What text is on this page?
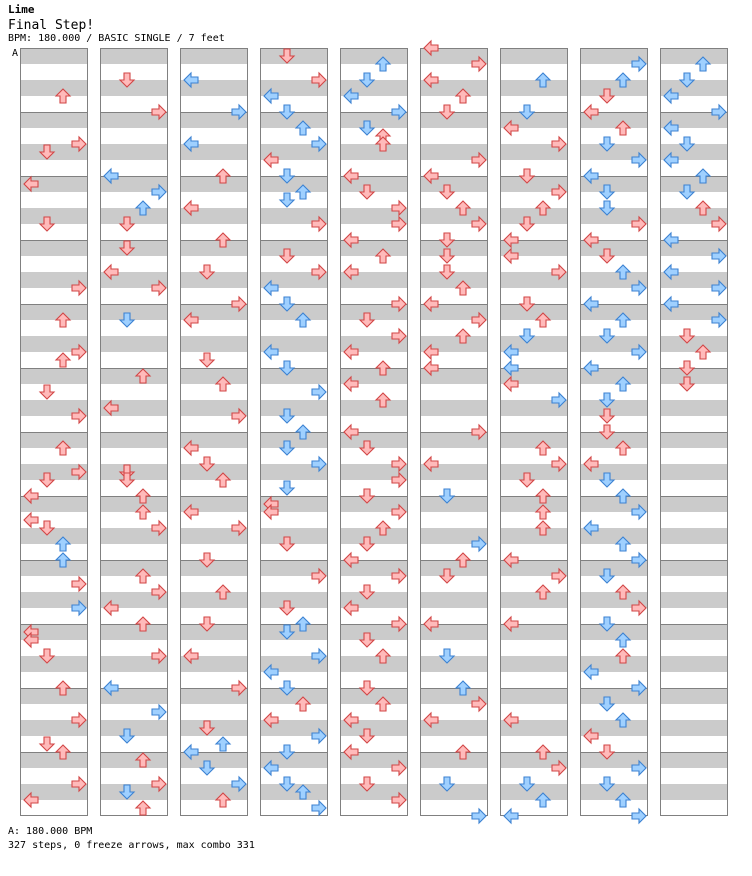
Lime
Final Step!
BPM: 180.000 / BASIC SINGLE / 7 feet
A
A: 180.000 BPM
327 steps, 0 freeze arrows, max combo 331
